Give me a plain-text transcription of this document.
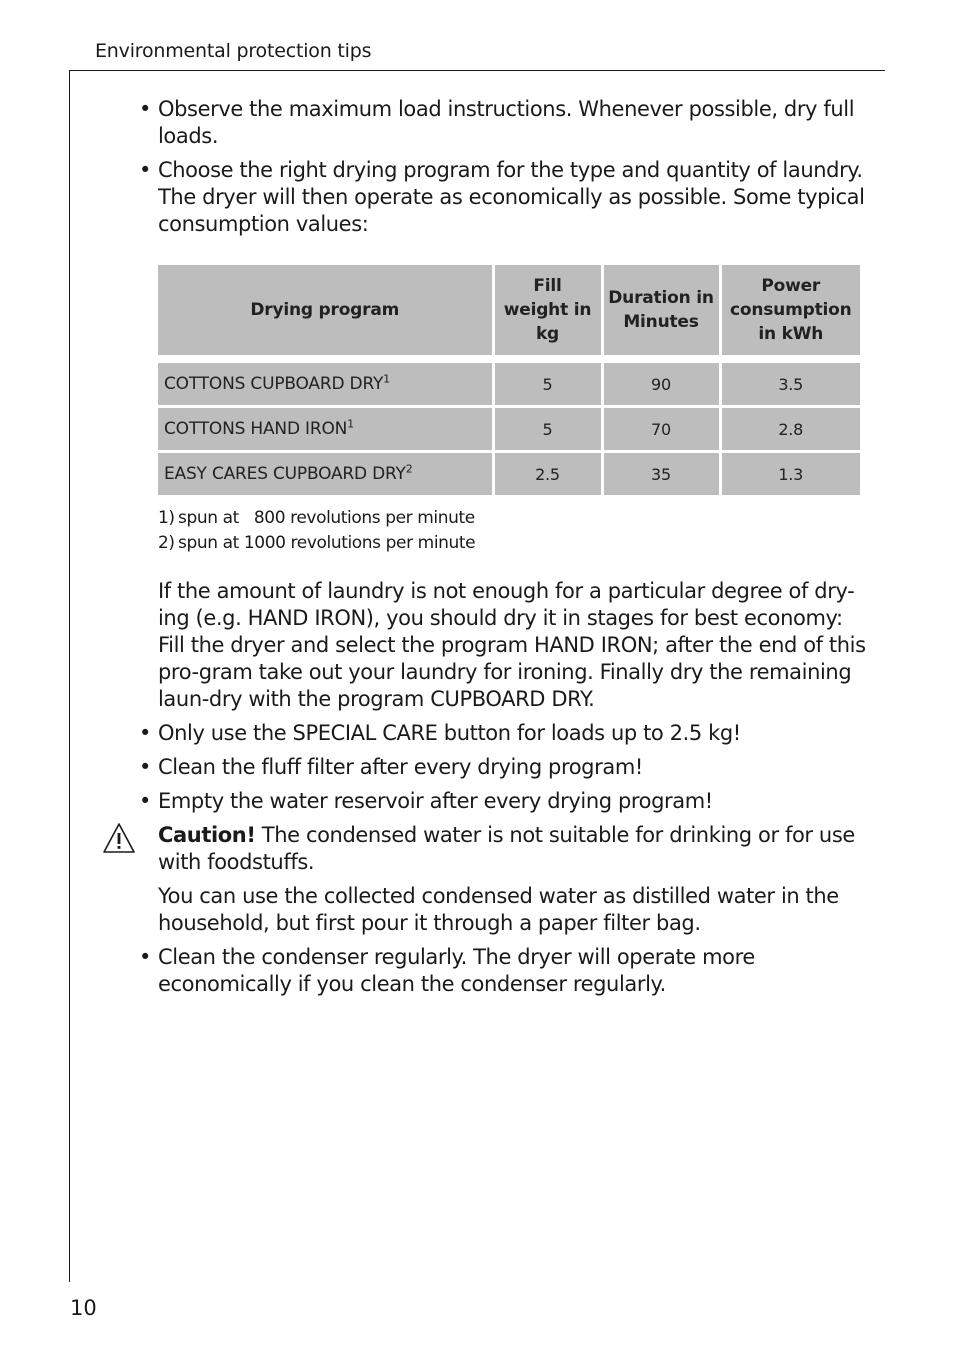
Environmental protection tips
• Observe the maximum load instructions. Whenever possible, dry full loads.
• Choose the right drying program for the type and quantity of laundry. The dryer will then operate as economically as possible. Some typical consumption values:
Drying program	Fill weight in kg	Duration in Minutes	Power consumption in kWh

COTTONS CUPBOARD DRY$^1$	5	90	3.5
COTTONS HAND IRON$^1$	5	70	2.8
EASY CARES CUPBOARD DRY$^2$	2.5	35	1.3
1) spun at   800 revolutions per minute
2) spun at 1000 revolutions per minute
If the amount of laundry is not enough for a particular degree of dry-ing (e.g. HAND IRON), you should dry it in stages for best economy: Fill the dryer and select the program HAND IRON; after the end of this pro-gram take out your laundry for ironing. Finally dry the remaining laun-dry with the program CUPBOARD DRY.
• Only use the SPECIAL CARE button for loads up to 2.5 kg!
• Clean the fluff filter after every drying program!
• Empty the water reservoir after every drying program!
Caution! The condensed water is not suitable for drinking or for use with foodstuffs.
You can use the collected condensed water as distilled water in the household, but first pour it through a paper filter bag.
• Clean the condenser regularly. The dryer will operate more economically if you clean the condenser regularly.
10
